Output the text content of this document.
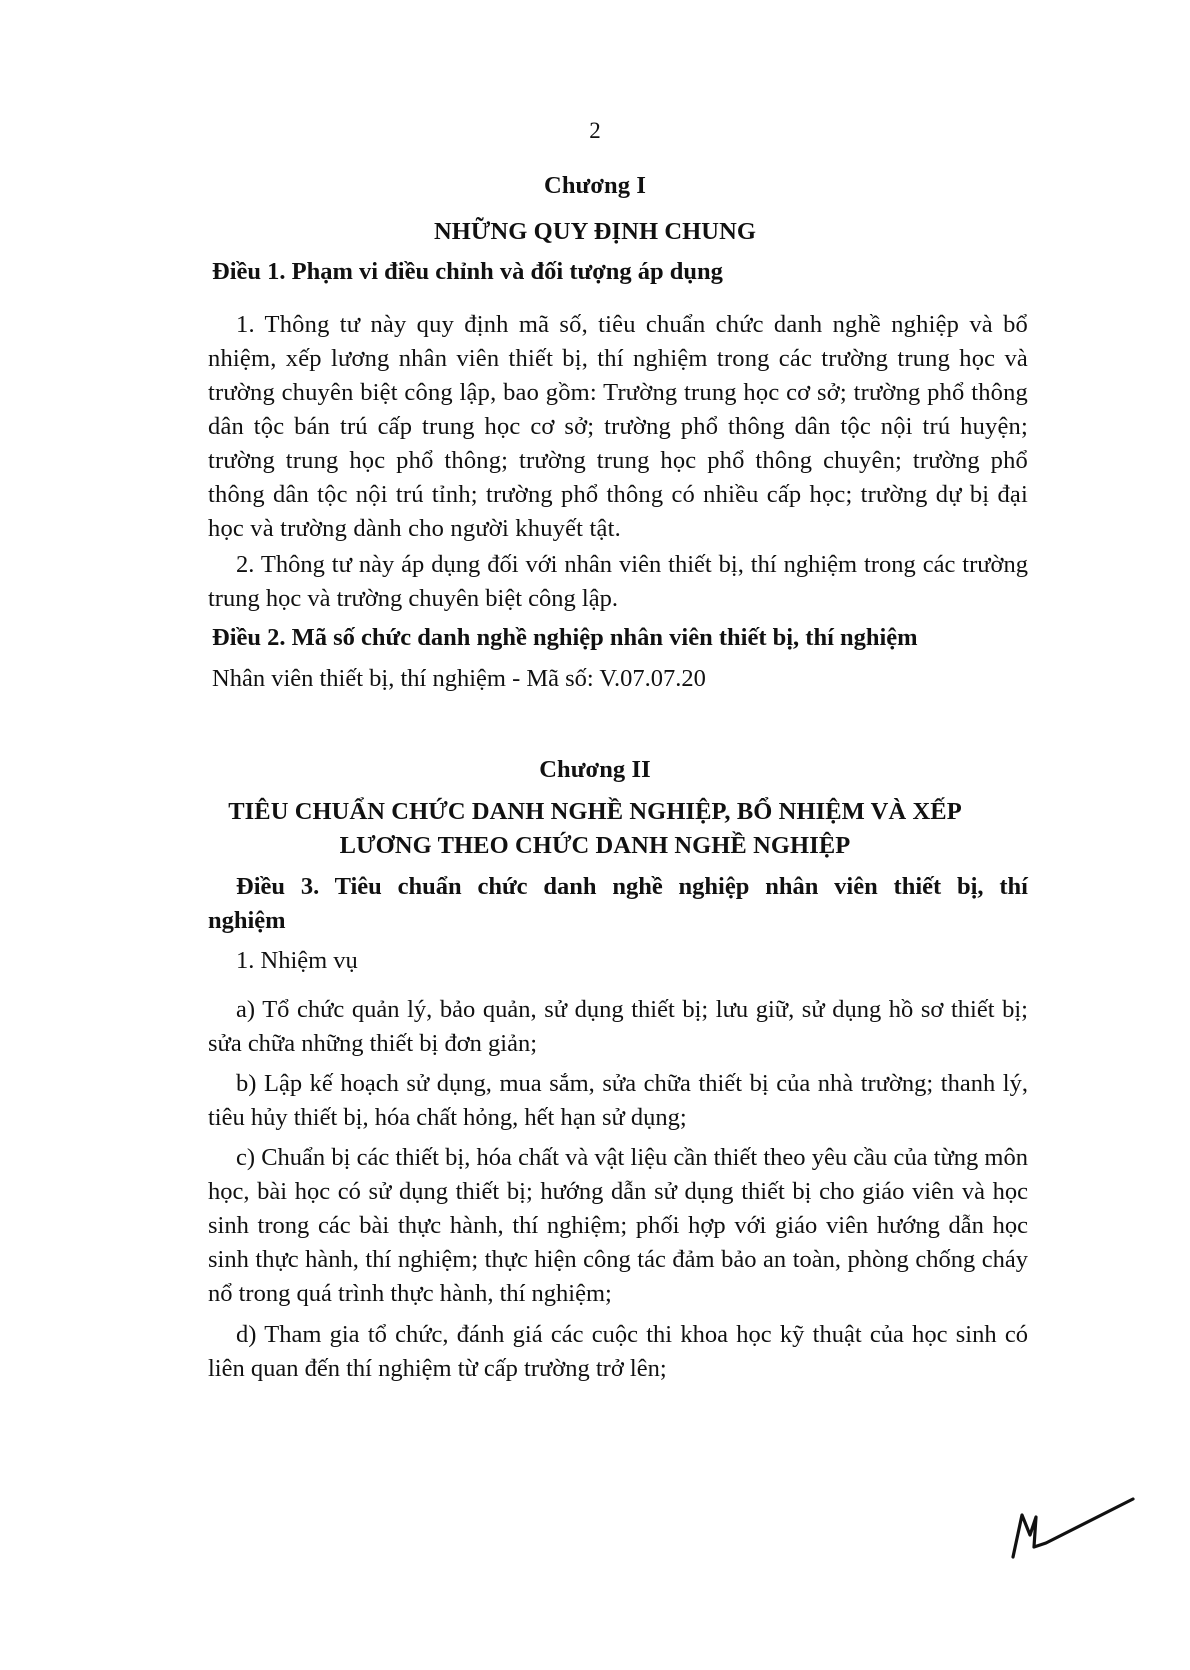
2
Chương I
NHỮNG QUY ĐỊNH CHUNG
Điều 1. Phạm vi điều chỉnh và đối tượng áp dụng
1. Thông tư này quy định mã số, tiêu chuẩn chức danh nghề nghiệp và bổ nhiệm, xếp lương nhân viên thiết bị, thí nghiệm trong các trường trung học và trường chuyên biệt công lập, bao gồm: Trường trung học cơ sở; trường phổ thông dân tộc bán trú cấp trung học cơ sở; trường phổ thông dân tộc nội trú huyện; trường trung học phổ thông; trường trung học phổ thông chuyên; trường phổ thông dân tộc nội trú tỉnh; trường phổ thông có nhiều cấp học; trường dự bị đại học và trường dành cho người khuyết tật.
2. Thông tư này áp dụng đối với nhân viên thiết bị, thí nghiệm trong các trường trung học và trường chuyên biệt công lập.
Điều 2. Mã số chức danh nghề nghiệp nhân viên thiết bị, thí nghiệm
Nhân viên thiết bị, thí nghiệm - Mã số: V.07.07.20
Chương II
TIÊU CHUẨN CHỨC DANH NGHỀ NGHIỆP, BỔ NHIỆM VÀ XẾP
LƯƠNG THEO CHỨC DANH NGHỀ NGHIỆP
Điều 3. Tiêu chuẩn chức danh nghề nghiệp nhân viên thiết bị, thí nghiệm
1. Nhiệm vụ
a) Tổ chức quản lý, bảo quản, sử dụng thiết bị; lưu giữ, sử dụng hồ sơ thiết bị; sửa chữa những thiết bị đơn giản;
b) Lập kế hoạch sử dụng, mua sắm, sửa chữa thiết bị của nhà trường; thanh lý, tiêu hủy thiết bị, hóa chất hỏng, hết hạn sử dụng;
c) Chuẩn bị các thiết bị, hóa chất và vật liệu cần thiết theo yêu cầu của từng môn học, bài học có sử dụng thiết bị; hướng dẫn sử dụng thiết bị cho giáo viên và học sinh trong các bài thực hành, thí nghiệm; phối hợp với giáo viên hướng dẫn học sinh thực hành, thí nghiệm; thực hiện công tác đảm bảo an toàn, phòng chống cháy nổ trong quá trình thực hành, thí nghiệm;
d) Tham gia tổ chức, đánh giá các cuộc thi khoa học kỹ thuật của học sinh có liên quan đến thí nghiệm từ cấp trường trở lên;
